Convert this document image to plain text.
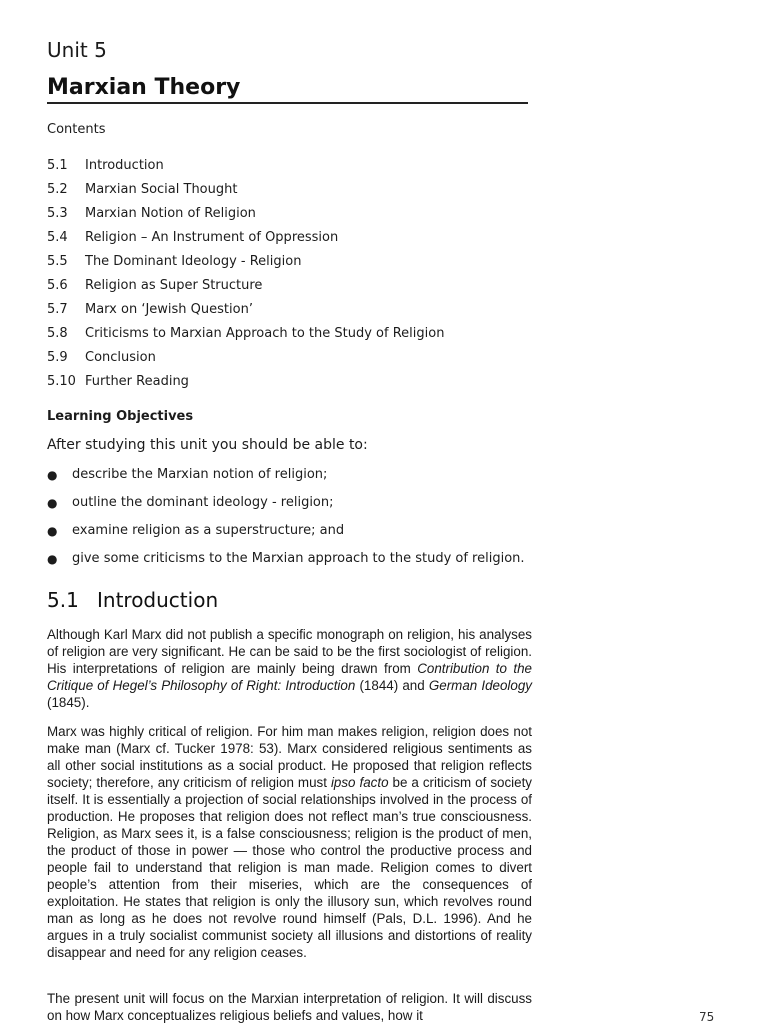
Unit 5
Marxian Theory
Contents
5.1	Introduction
5.2	Marxian Social Thought
5.3	Marxian Notion of Religion
5.4	Religion – An Instrument of Oppression
5.5	The Dominant Ideology - Religion
5.6	Religion as Super Structure
5.7	Marx on ‘Jewish Question’
5.8	Criticisms to Marxian Approach to the Study of Religion
5.9	Conclusion
5.10 Further Reading
Learning Objectives
After studying this unit you should be able to:
●	describe the Marxian notion of religion;
●	outline the dominant ideology - religion;
●	examine religion as a superstructure; and
●	give some criticisms to the Marxian approach to the study of religion.
5.1 Introduction

Although Karl Marx did not publish a specific monograph on religion, his analyses of religion are very significant. He can be said to be the first sociologist of religion. His interpretations of religion are mainly being drawn from Contribution to the Critique of Hegel’s Philosophy of Right: Introduction (1844) and German Ideology (1845).

Marx was highly critical of religion. For him man makes religion, religion does not make man (Marx cf. Tucker 1978: 53). Marx considered religious sentiments as all other social institutions as a social product. He proposed that religion reflects society; therefore, any criticism of religion must ipso facto be a criticism of society itself. It is essentially a projection of social relationships involved in the process of production. He proposes that religion does not reflect man’s true consciousness. Religion, as Marx sees it, is a false consciousness; religion is the product of men, the product of those in power — those who control the productive process and people fail to understand that religion is man made. Religion comes to divert people’s attention from their miseries, which are the consequences of exploitation. He states that religion is only the illusory sun, which revolves round man as long as he does not revolve round himself (Pals, D.L. 1996). And he argues in a truly socialist communist society all illusions and distortions of reality disappear and need for any religion ceases.

The present unit will focus on the Marxian interpretation of religion. It will discuss on how Marx conceptualizes religious beliefs and values, how it	75
